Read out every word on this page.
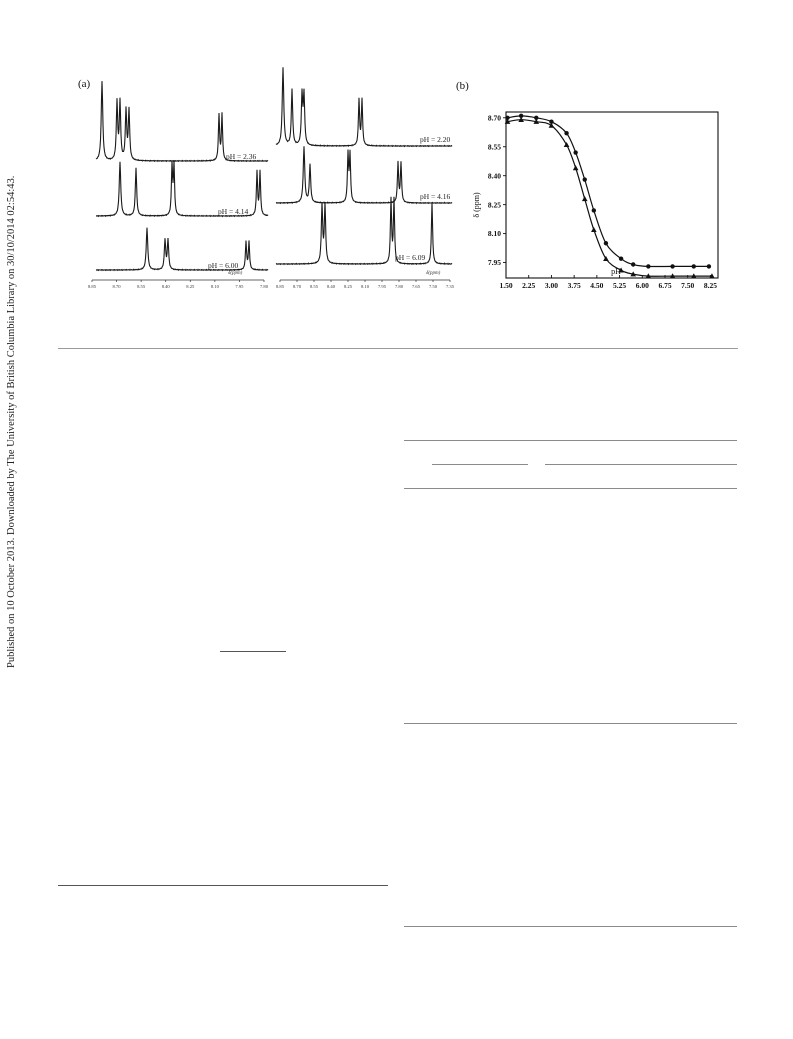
Published on 10 October 2013. Downloaded by The University of British Columbia Library on 30/10/2014 02:54:43.
(a)	(b)
pH = 2.36
pH = 4.14
pH = 6.00
8.85	8.70	8.55	8.40	8.25	8.10	7.95	7.80
δ(ppm)
pH = 2.20
pH = 4.16
pH = 6.09
8.85 8.70 8.55 8.40 8.25 8.10 7.95 7.80 7.65 7.50 7.35
δ(ppm)
1.50 2.25 3.00 3.75 4.50 5.25 6.00 6.75 7.50 8.25
7.95
8.10
8.25
8.40
8.55
8.70
pH
δ (ppm)
